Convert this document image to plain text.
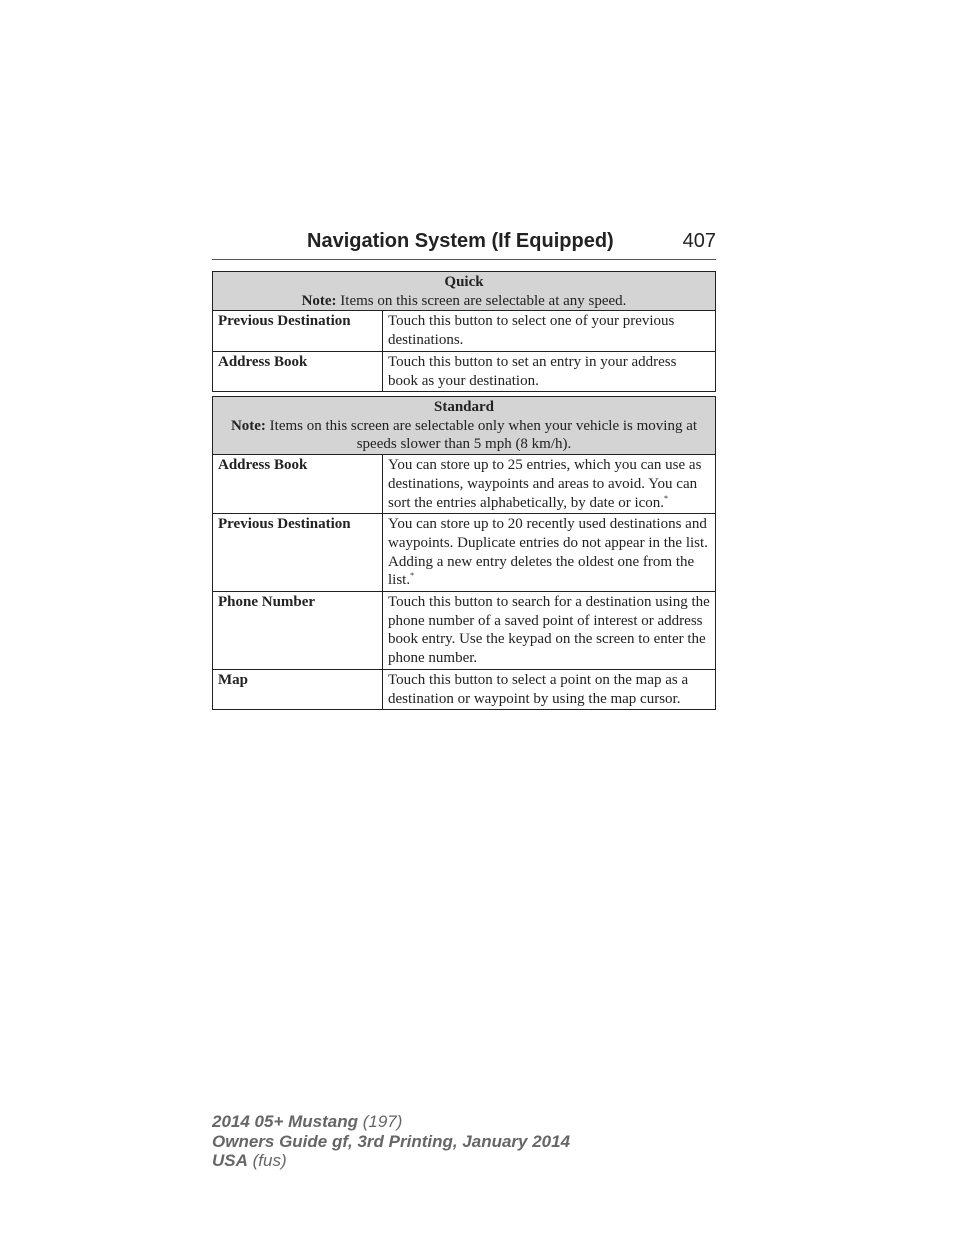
Navigation System (If Equipped)	407
Quick
Note: Items on this screen are selectable at any speed.	
Previous Destination	Touch this button to select one of your previous destinations.
Address Book	Touch this button to set an entry in your address book as your destination.
Standard
Note: Items on this screen are selectable only when your vehicle is moving at speeds slower than 5 mph (8 km/h).	
Address Book	You can store up to 25 entries, which you can use as destinations, waypoints and areas to avoid. You can sort the entries alphabetically, by date or icon.*
Previous Destination	You can store up to 20 recently used destinations and waypoints. Duplicate entries do not appear in the list. Adding a new entry deletes the oldest one from the list.*
Phone Number	Touch this button to search for a destination using the phone number of a saved point of interest or address book entry. Use the keypad on the screen to enter the phone number.
Map	Touch this button to select a point on the map as a destination or waypoint by using the map cursor.
2014 05+ Mustang (197)
Owners Guide gf, 3rd Printing, January 2014
USA (fus)
